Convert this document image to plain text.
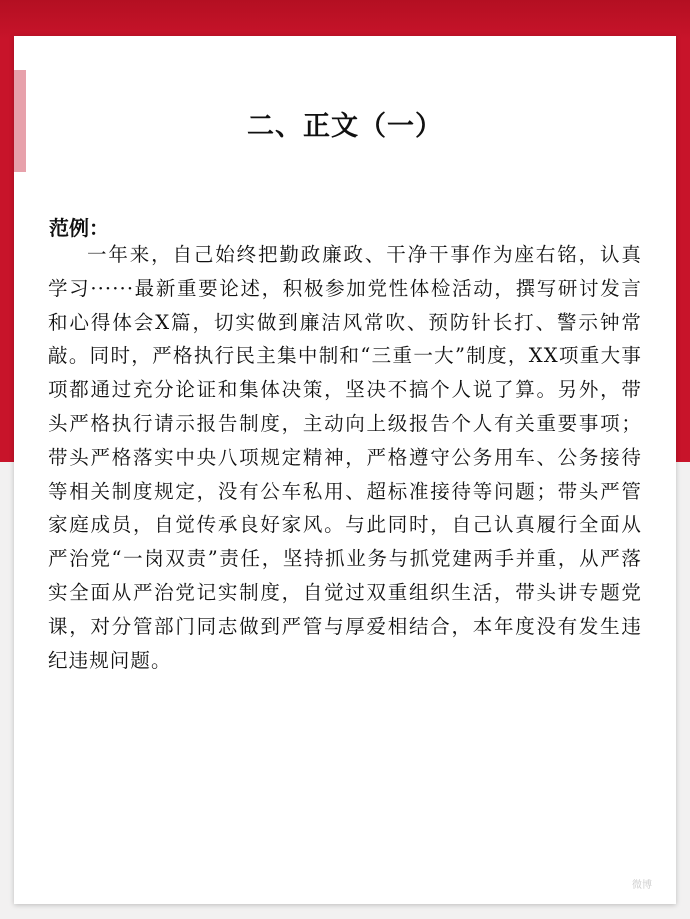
二、正文（一）
范例：
一年来，自己始终把勤政廉政、干净干事作为座右铭，认真学习······最新重要论述，积极参加党性体检活动，撰写研讨发言和心得体会X篇，切实做到廉洁风常吹、预防针长打、警示钟常敲。同时，严格执行民主集中制和“三重一大”制度，XX项重大事项都通过充分论证和集体决策，坚决不搞个人说了算。另外，带头严格执行请示报告制度，主动向上级报告个人有关重要事项；带头严格落实中央八项规定精神，严格遵守公务用车、公务接待等相关制度规定，没有公车私用、超标准接待等问题；带头严管家庭成员，自觉传承良好家风。与此同时，自己认真履行全面从严治党“一岗双责”责任，坚持抓业务与抓党建两手并重，从严落实全面从严治党记实制度，自觉过双重组织生活，带头讲专题党课，对分管部门同志做到严管与厚爱相结合，本年度没有发生违纪违规问题。
微博
